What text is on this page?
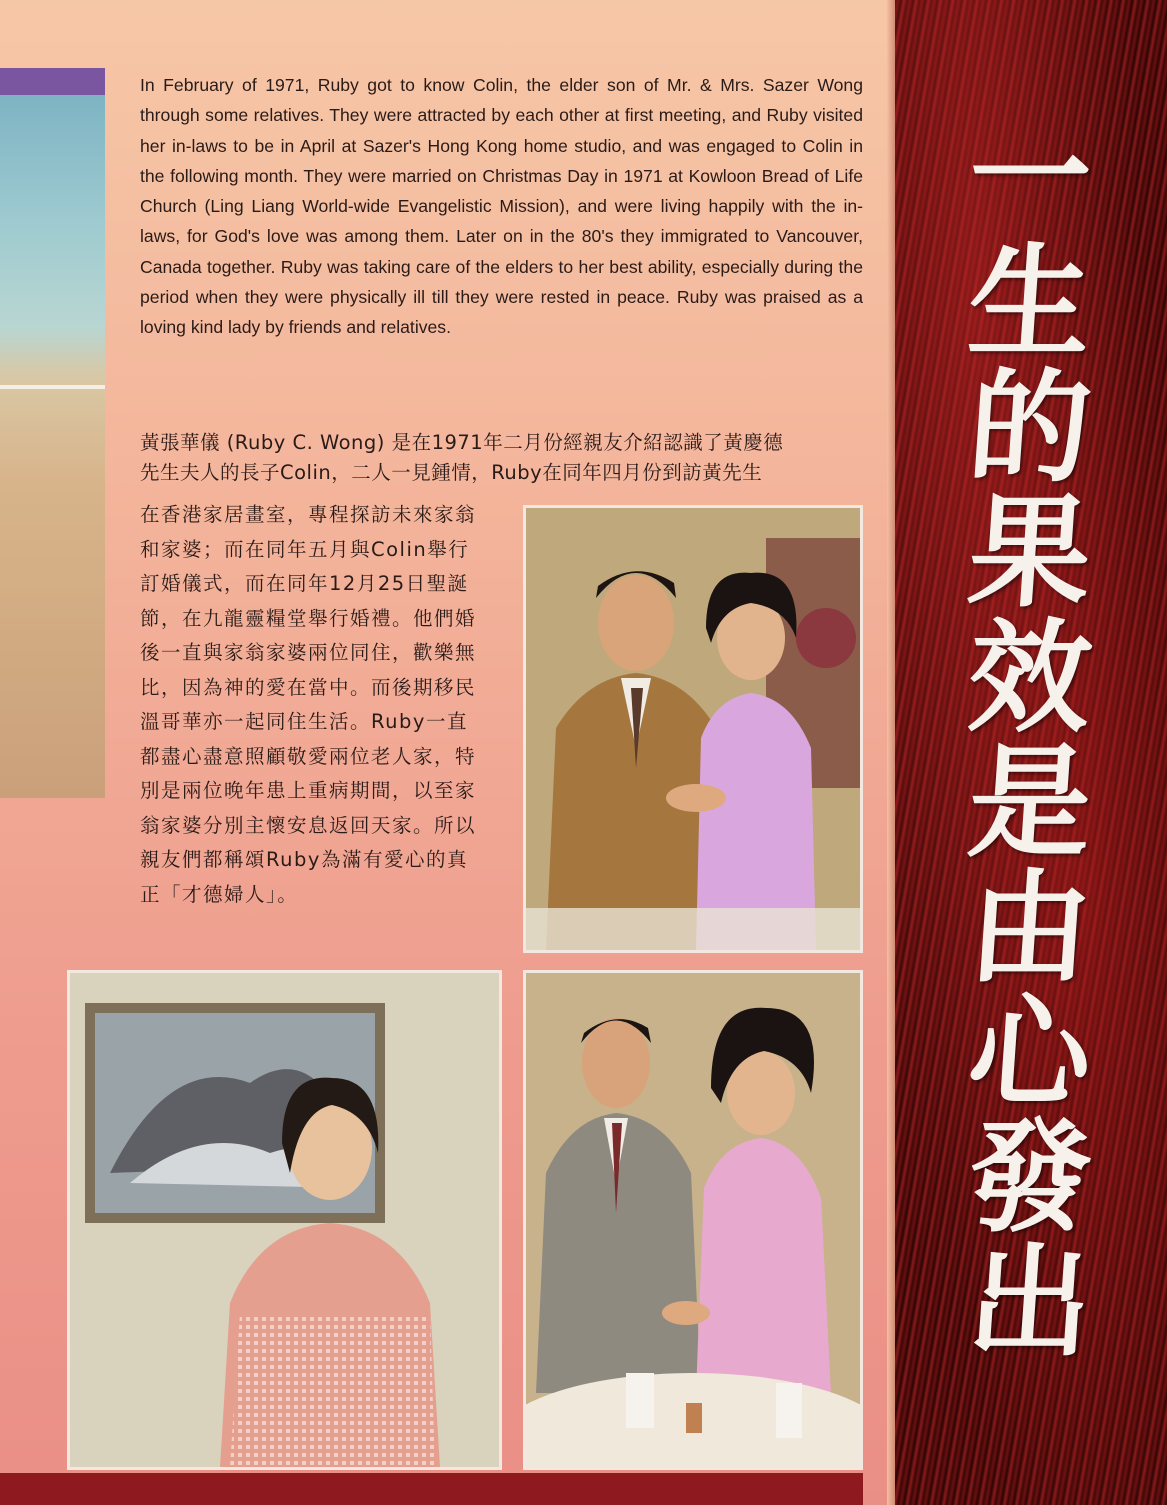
In February of 1971, Ruby got to know Colin, the elder son of Mr. & Mrs. Sazer Wong through some relatives. They were attracted by each other at first meeting, and Ruby visited her in-laws to be in April at Sazer's Hong Kong home studio, and was engaged to Colin in the following month. They were married on Christmas Day in 1971 at Kowloon Bread of Life Church (Ling Liang World-wide Evangelistic Mission), and were living happily with the in-laws, for God's love was among them. Later on in the 80's they immigrated to Vancouver, Canada together. Ruby was taking care of the elders to her best ability, especially during the period when they were physically ill till they were rested in peace. Ruby was praised as a loving kind lady by friends and relatives.
黃張華儀 (Ruby C. Wong) 是在1971年二月份經親友介紹認識了黃慶德
先生夫人的長子Colin，二人一見鍾情，Ruby在同年四月份到訪黃先生
在香港家居畫室，專程探訪未來家翁
和家婆；而在同年五月與Colin舉行
訂婚儀式，而在同年12月25日聖誕
節，在九龍靈糧堂舉行婚禮。他們婚
後一直與家翁家婆兩位同住，歡樂無
比，因為神的愛在當中。而後期移民
溫哥華亦一起同住生活。Ruby一直
都盡心盡意照顧敬愛兩位老人家，特
別是兩位晚年患上重病期間，以至家
翁家婆分別主懷安息返回天家。所以
親友們都稱頌Ruby為滿有愛心的真
正「才德婦人」。
一
生
的
果
效
是
由
心
發
出
